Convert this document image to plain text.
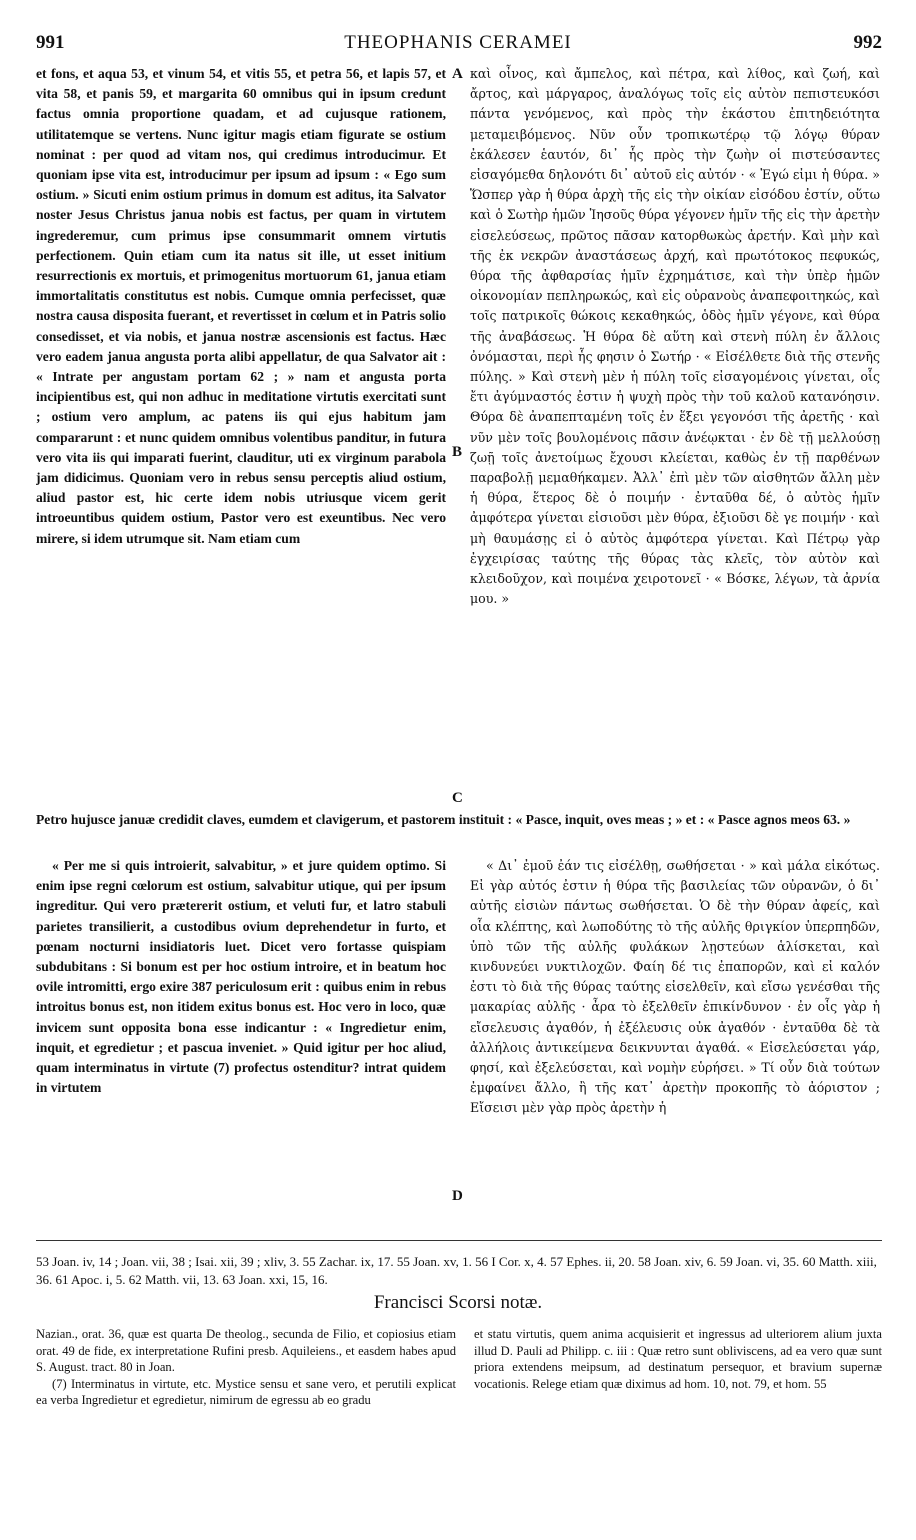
991	THEOPHANIS CERAMEI	992

et fons, et aqua 53, et vinum 54, et vitis 55, et petra 56, et lapis 57, et vita 58, et panis 59, et margarita 60 omnibus qui in ipsum credunt factus omnia proportione quadam, et ad cujusque rationem, utilitatemque se vertens. Nunc igitur magis etiam figurate se ostium nominat : per quod ad vitam nos, qui credimus introducimur. Et quoniam ipse vita est, introducimur per ipsum ad ipsum : « Ego sum ostium. » Sicuti enim ostium primus in domum est aditus, ita Salvator noster Jesus Christus janua nobis est factus, per quam in virtutem ingrederemur, cum primus ipse consummarit omnem virtutis perfectionem. Quin etiam cum ita natus sit ille, ut esset initium resurrectionis ex mortuis, et primogenitus mortuorum 61, janua etiam immortalitatis constitutus est nobis. Cumque omnia perfecisset, quæ nostra causa disposita fuerant, et revertisset in cœlum et in Patris solio consedisset, et via nobis, et janua nostræ ascensionis est factus. Hæc vero eadem janua angusta porta alibi appellatur, de qua Salvator ait : « Intrate per angustam portam 62 ; » nam et angusta porta incipientibus est, qui non adhuc in meditatione virtutis exercitati sunt ; ostium vero amplum, ac patens iis qui ejus habitum jam compararunt : et nunc quidem omnibus volentibus panditur, in futura vero vita iis qui imparati fuerint, clauditur, uti ex virginum parabola jam didicimus. Quoniam vero in rebus sensu perceptis aliud ostium, aliud pastor est, hic certe idem nobis utriusque vicem gerit introeuntibus quidem ostium, Pastor vero est exeuntibus. Nec vero mirere, si idem utrumque sit. Nam etiam cum

καὶ οἶνος, καὶ ἄμπελος, καὶ πέτρα, καὶ λίθος, καὶ ζωή, καὶ ἄρτος, καὶ μάργαρος, ἀναλόγως τοῖς εἰς αὐτὸν πεπιστευκόσι πάντα γενόμενος, καὶ πρὸς τὴν ἑκάστου ἐπιτηδειότητα μεταμειβόμενος. Νῦν οὖν τροπικωτέρῳ τῷ λόγῳ θύραν ἐκάλεσεν ἑαυτόν, δι᾿ ἧς πρὸς τὴν ζωὴν οἱ πιστεύσαντες εἰσαγόμεθα δηλονότι δι᾿ αὐτοῦ εἰς αὐτόν · « Ἐγώ εἰμι ἡ θύρα. » Ὥσπερ γὰρ ἡ θύρα ἀρχὴ τῆς εἰς τὴν οἰκίαν εἰσόδου ἐστίν, οὕτω καὶ ὁ Σωτὴρ ἡμῶν Ἰησοῦς θύρα γέγονεν ἡμῖν τῆς εἰς τὴν ἀρετὴν εἰσελεύσεως, πρῶτος πᾶσαν κατορθωκὼς ἀρετήν. Καὶ μὴν καὶ τῆς ἐκ νεκρῶν ἀναστάσεως ἀρχή, καὶ πρωτότοκος πεφυκώς, θύρα τῆς ἀφθαρσίας ἡμῖν ἐχρημάτισε, καὶ τὴν ὑπὲρ ἡμῶν οἰκονομίαν πεπληρωκώς, καὶ εἰς οὐρανοὺς ἀναπεφοιτηκώς, καὶ τοῖς πατρικοῖς θώκοις κεκαθηκώς, ὁδὸς ἡμῖν γέγονε, καὶ θύρα τῆς ἀναβάσεως. Ἡ θύρα δὲ αὕτη καὶ στενὴ πύλη ἐν ἄλλοις ὀνόμασται, περὶ ἧς φησιν ὁ Σωτήρ · « Εἰσέλθετε διὰ τῆς στενῆς πύλης. » Καὶ στενὴ μὲν ἡ πύλη τοῖς εἰσαγομένοις γίνεται, οἷς ἔτι ἀγύμναστός ἐστιν ἡ ψυχὴ πρὸς τὴν τοῦ καλοῦ κατανόησιν. Θύρα δὲ ἀναπεπταμένη τοῖς ἐν ἕξει γεγονόσι τῆς ἀρετῆς · καὶ νῦν μὲν τοῖς βουλομένοις πᾶσιν ἀνέῳκται · ἐν δὲ τῇ μελλούσῃ ζωῇ τοῖς ἀνετοίμως ἔχουσι κλείεται, καθὼς ἐν τῇ παρθένων παραβολῇ μεμαθήκαμεν. Ἀλλ᾿ ἐπὶ μὲν τῶν αἰσθητῶν ἄλλη μὲν ἡ θύρα, ἕτερος δὲ ὁ ποιμήν · ἐνταῦθα δέ, ὁ αὐτὸς ἡμῖν ἀμφότερα γίνεται εἰσιοῦσι μὲν θύρα, ἐξιοῦσι δὲ γε ποιμήν · καὶ μὴ θαυμάσῃς εἰ ὁ αὐτὸς ἀμφότερα γίνεται. Καὶ Πέτρῳ γὰρ ἐγχειρίσας ταύτης τῆς θύρας τὰς κλεῖς, τὸν αὐτὸν καὶ κλειδοῦχον, καὶ ποιμένα χειροτονεῖ · « Βόσκε, λέγων, τὰ ἀρνία μου. »

Petro hujusce januæ credidit claves, eumdem et clavigerum, et pastorem instituit : « Pasce, inquit, oves meas ; » et : « Pasce agnos meos 63. »

« Per me si quis introierit, salvabitur, » et jure quidem optimo. Si enim ipse regni cœlorum est ostium, salvabitur utique, qui per ipsum ingreditur. Qui vero prætererit ostium, et veluti fur, et latro stabuli parietes transilierit, a custodibus ovium deprehendetur in furto, et pœnam nocturni insidiatoris luet. Dicet vero fortasse quispiam subdubitans : Si bonum est per hoc ostium introire, et in beatum hoc ovile intromitti, ergo exire 387 periculosum erit : quibus enim in rebus introitus bonus est, non itidem exitus bonus est. Hoc vero in loco, quæ invicem sunt opposita bona esse indicantur : « Ingredietur enim, inquit, et egredietur ; et pascua inveniet. » Quid igitur per hoc aliud, quam interminatus in virtute (7) profectus ostenditur? intrat quidem in virtutem

« Δι᾿ ἐμοῦ ἐάν τις εἰσέλθῃ, σωθήσεται · » καὶ μάλα εἰκότως. Εἰ γὰρ αὐτός ἐστιν ἡ θύρα τῆς βασιλείας τῶν οὐρανῶν, ὁ δι᾿ αὐτῆς εἰσιὼν πάντως σωθήσεται. Ὁ δὲ τὴν θύραν ἀφείς, καὶ οἷα κλέπτης, καὶ λωποδύτης τὸ τῆς αὐλῆς θριγκίον ὑπερπηδῶν, ὑπὸ τῶν τῆς αὐλῆς φυλάκων λῃστεύων ἁλίσκεται, καὶ κινδυνεύει νυκτιλοχῶν. Φαίη δέ τις ἐπαπορῶν, καὶ εἰ καλόν ἐστι τὸ διὰ τῆς θύρας ταύτης εἰσελθεῖν, καὶ εἴσω γενέσθαι τῆς μακαρίας αὐλῆς · ἆρα τὸ ἐξελθεῖν ἐπικίνδυνον · ἐν οἷς γὰρ ἡ εἴσελευσις ἀγαθόν, ἡ ἐξέλευσις οὐκ ἀγαθόν · ἐνταῦθα δὲ τὰ ἀλλήλοις ἀντικείμενα δεικνυνται ἀγαθά. « Εἰσελεύσεται γάρ, φησί, καὶ ἐξελεύσεται, καὶ νομὴν εὑρήσει. » Τί οὖν διὰ τούτων ἐμφαίνει ἄλλο, ἢ τῆς κατ᾿ ἀρετὴν προκοπῆς τὸ ἀόριστον ; Εἴσεισι μὲν γὰρ πρὸς ἀρετὴν ἡ

A
B
C
D
53 Joan. iv, 14 ; Joan. vii, 38 ; Isai. xii, 39 ; xliv, 3. 55 Zachar. ix, 17. 55 Joan. xv, 1. 56 I Cor. x, 4. 57 Ephes. ii, 20. 58 Joan. xiv, 6. 59 Joan. vi, 35. 60 Matth. xiii, 36. 61 Apoc. i, 5. 62 Matth. vii, 13. 63 Joan. xxi, 15, 16.
Francisci Scorsi notæ.

Nazian., orat. 36, quæ est quarta De theolog., secunda de Filio, et copiosius etiam orat. 49 de fide, ex interpretatione Rufini presb. Aquileiens., et easdem habes apud S. August. tract. 80 in Joan.

(7) Interminatus in virtute, etc. Mystice sensu et sane vero, et perutili explicat ea verba Ingredietur et egredietur, nimirum de egressu ab eo gradu

et statu virtutis, quem anima acquisierit et ingressus ad ulteriorem alium juxta illud D. Pauli ad Philipp. c. iii : Quæ retro sunt obliviscens, ad ea vero quæ sunt priora extendens meipsum, ad destinatum persequor, et bravium supernæ vocationis. Relege etiam quæ diximus ad hom. 10, not. 79, et hom. 55
